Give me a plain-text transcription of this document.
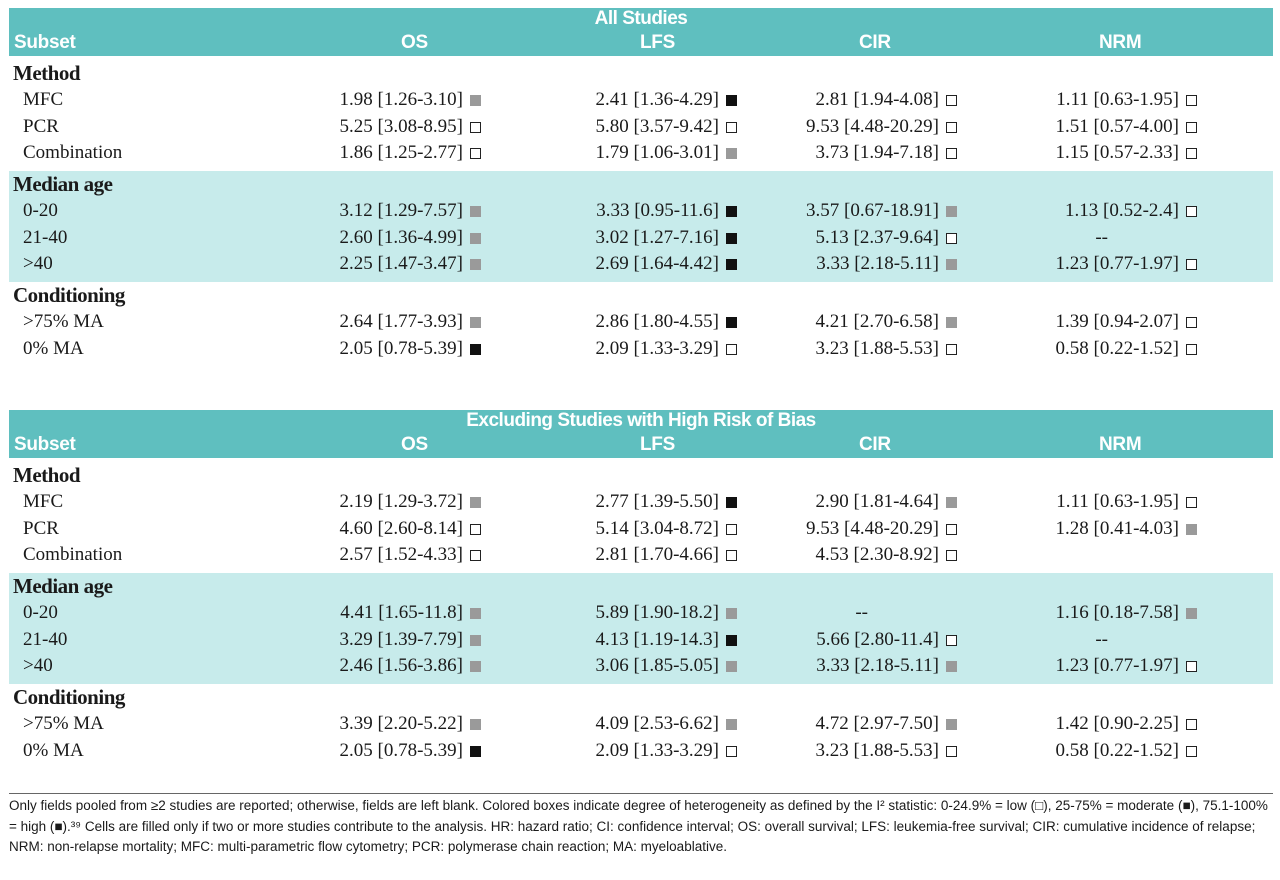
All Studies
Subset	OS	LFS	CIR	NRM
Method
MFC	1.98 [1.26-3.10]	2.41 [1.36-4.29]	2.81 [1.94-4.08]	1.11 [0.63-1.95]
PCR	5.25 [3.08-8.95]	5.80 [3.57-9.42]	9.53 [4.48-20.29]	1.51 [0.57-4.00]
Combination	1.86 [1.25-2.77]	1.79 [1.06-3.01]	3.73 [1.94-7.18]	1.15 [0.57-2.33]
Median age
0-20	3.12 [1.29-7.57]	3.33 [0.95-11.6]	3.57 [0.67-18.91]	1.13 [0.52-2.4]
21-40	2.60 [1.36-4.99]	3.02 [1.27-7.16]	5.13 [2.37-9.64]	--
>40	2.25 [1.47-3.47]	2.69 [1.64-4.42]	3.33 [2.18-5.11]	1.23 [0.77-1.97]
Conditioning
>75% MA	2.64 [1.77-3.93]	2.86 [1.80-4.55]	4.21 [2.70-6.58]	1.39 [0.94-2.07]
0% MA	2.05 [0.78-5.39]	2.09 [1.33-3.29]	3.23 [1.88-5.53]	0.58 [0.22-1.52]
Excluding Studies with High Risk of Bias
Subset	OS	LFS	CIR	NRM
Method
MFC	2.19 [1.29-3.72]	2.77 [1.39-5.50]	2.90 [1.81-4.64]	1.11 [0.63-1.95]
PCR	4.60 [2.60-8.14]	5.14 [3.04-8.72]	9.53 [4.48-20.29]	1.28 [0.41-4.03]
Combination	2.57 [1.52-4.33]	2.81 [1.70-4.66]	4.53 [2.30-8.92]
Median age
0-20	4.41 [1.65-11.8]	5.89 [1.90-18.2]	--	1.16 [0.18-7.58]
21-40	3.29 [1.39-7.79]	4.13 [1.19-14.3]	5.66 [2.80-11.4]	--
>40	2.46 [1.56-3.86]	3.06 [1.85-5.05]	3.33 [2.18-5.11]	1.23 [0.77-1.97]
Conditioning
>75% MA	3.39 [2.20-5.22]	4.09 [2.53-6.62]	4.72 [2.97-7.50]	1.42 [0.90-2.25]
0% MA	2.05 [0.78-5.39]	2.09 [1.33-3.29]	3.23 [1.88-5.53]	0.58 [0.22-1.52]
Only fields pooled from ≥2 studies are reported; otherwise, fields are left blank. Colored boxes indicate degree of heterogeneity as defined by the I² statistic: 0-24.9% = low (□), 25-75% = moderate (■), 75.1-100% = high (■).³⁹ Cells are filled only if two or more studies contribute to the analysis. HR: hazard ratio; CI: confidence interval; OS: overall survival; LFS: leukemia-free survival; CIR: cumulative incidence of relapse; NRM: non-relapse mortality; MFC: multi-parametric flow cytometry; PCR: polymerase chain reaction; MA: myeloablative.
